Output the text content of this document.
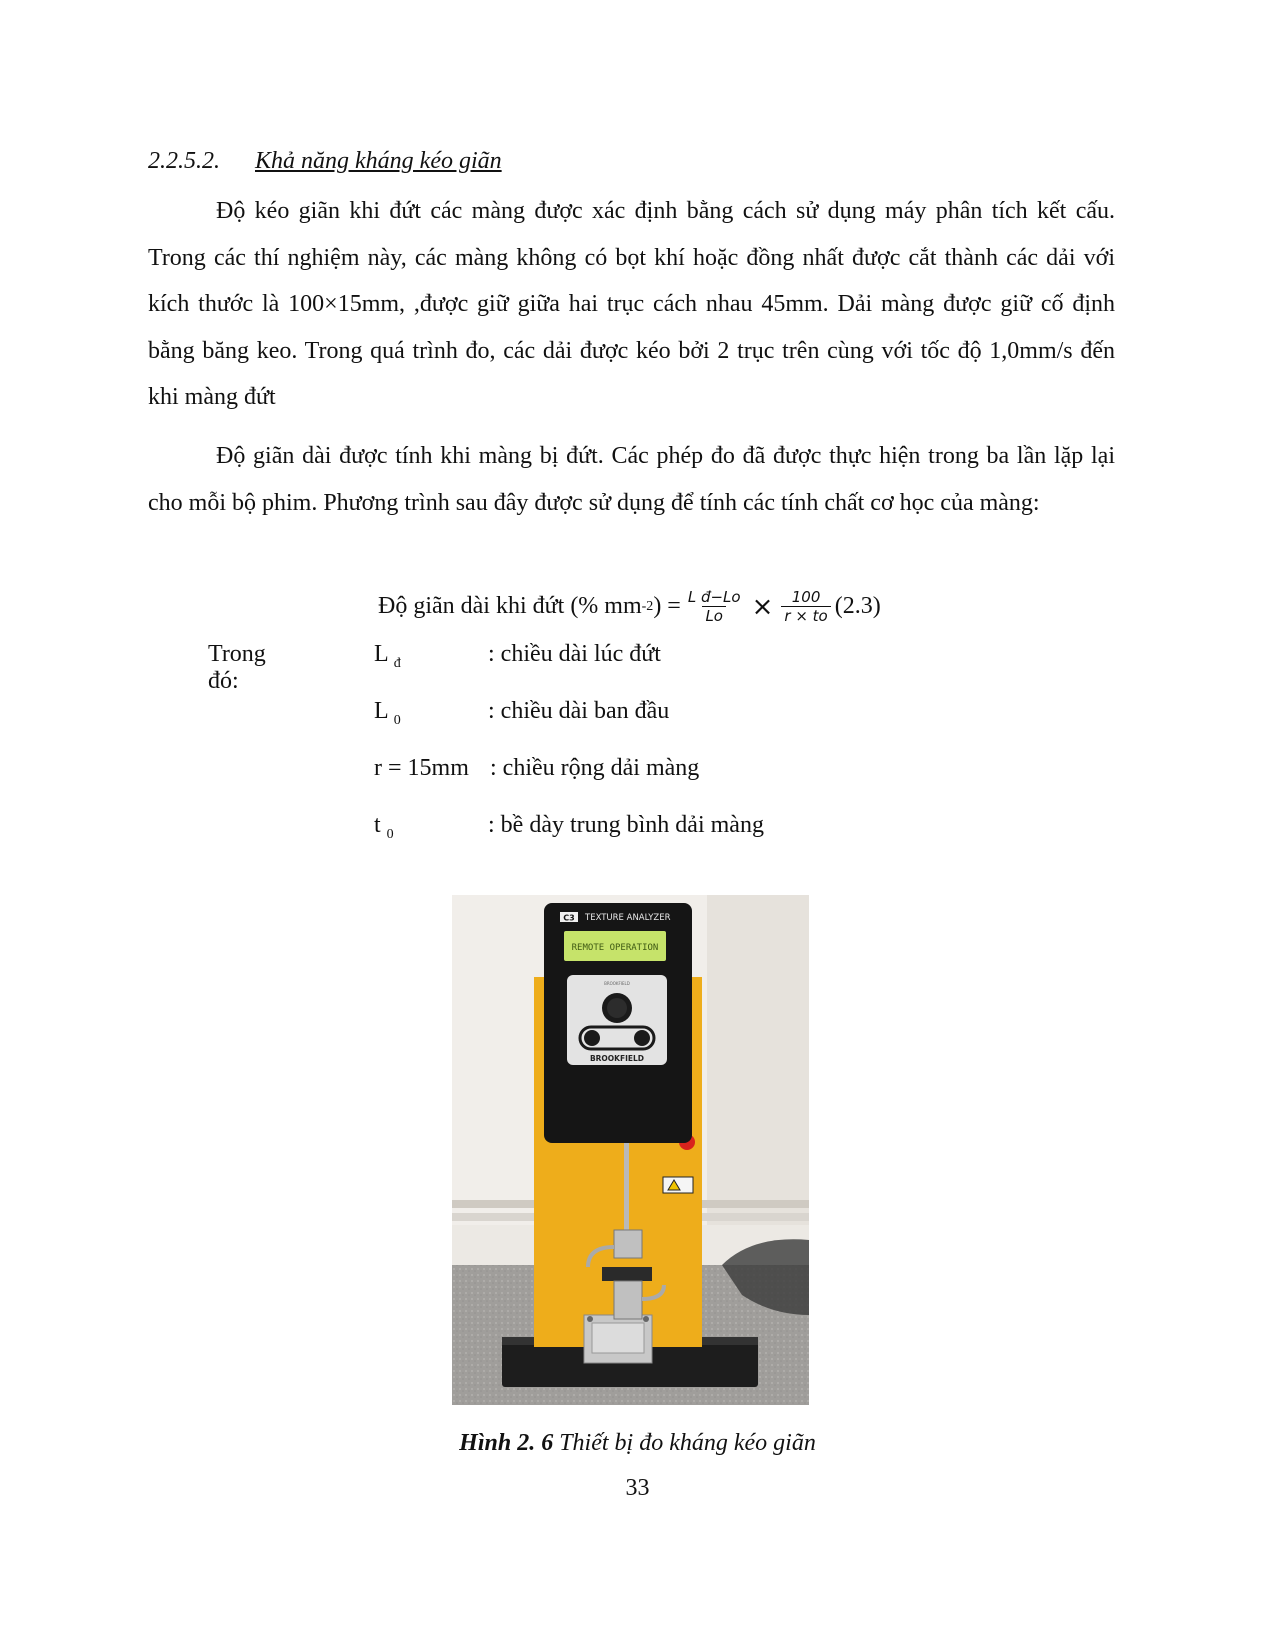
2.2.5.2. Khả năng kháng kéo giãn

Độ kéo giãn khi đứt các màng được xác định bằng cách sử dụng máy phân tích kết cấu. Trong các thí nghiệm này, các màng không có bọt khí hoặc đồng nhất được cắt thành các dải với kích thước là 100×15mm, ,được giữ giữa hai trục cách nhau 45mm. Dải màng được giữ cố định bằng băng keo. Trong quá trình đo, các dải được kéo bởi 2 trục trên cùng với tốc độ 1,0mm/s đến khi màng đứt

Độ giãn dài được tính khi màng bị đứt. Các phép đo đã được thực hiện trong ba lần lặp lại cho mỗi bộ phim. Phương trình sau đây được sử dụng để tính các tính chất cơ học của màng:

Độ giãn dài khi đứt (% mm -2 ) = $\frac{\text{L đ−Lo}}{Lo} \times \frac{100}{r \times to} (2.3)$
Trong đó:
L $_đ$	: chiều dài lúc đứt
L $_0$	: chiều dài ban đầu
r = 15mm : chiều rộng dải màng
t $_0$	: bề dày trung bình dải màng
C3 TEXTURE ANALYZER
REMOTE OPERATION
BROOKFIELD
BROOKFIELD
Hình 2. 6 Thiết bị đo kháng kéo giãn
33
